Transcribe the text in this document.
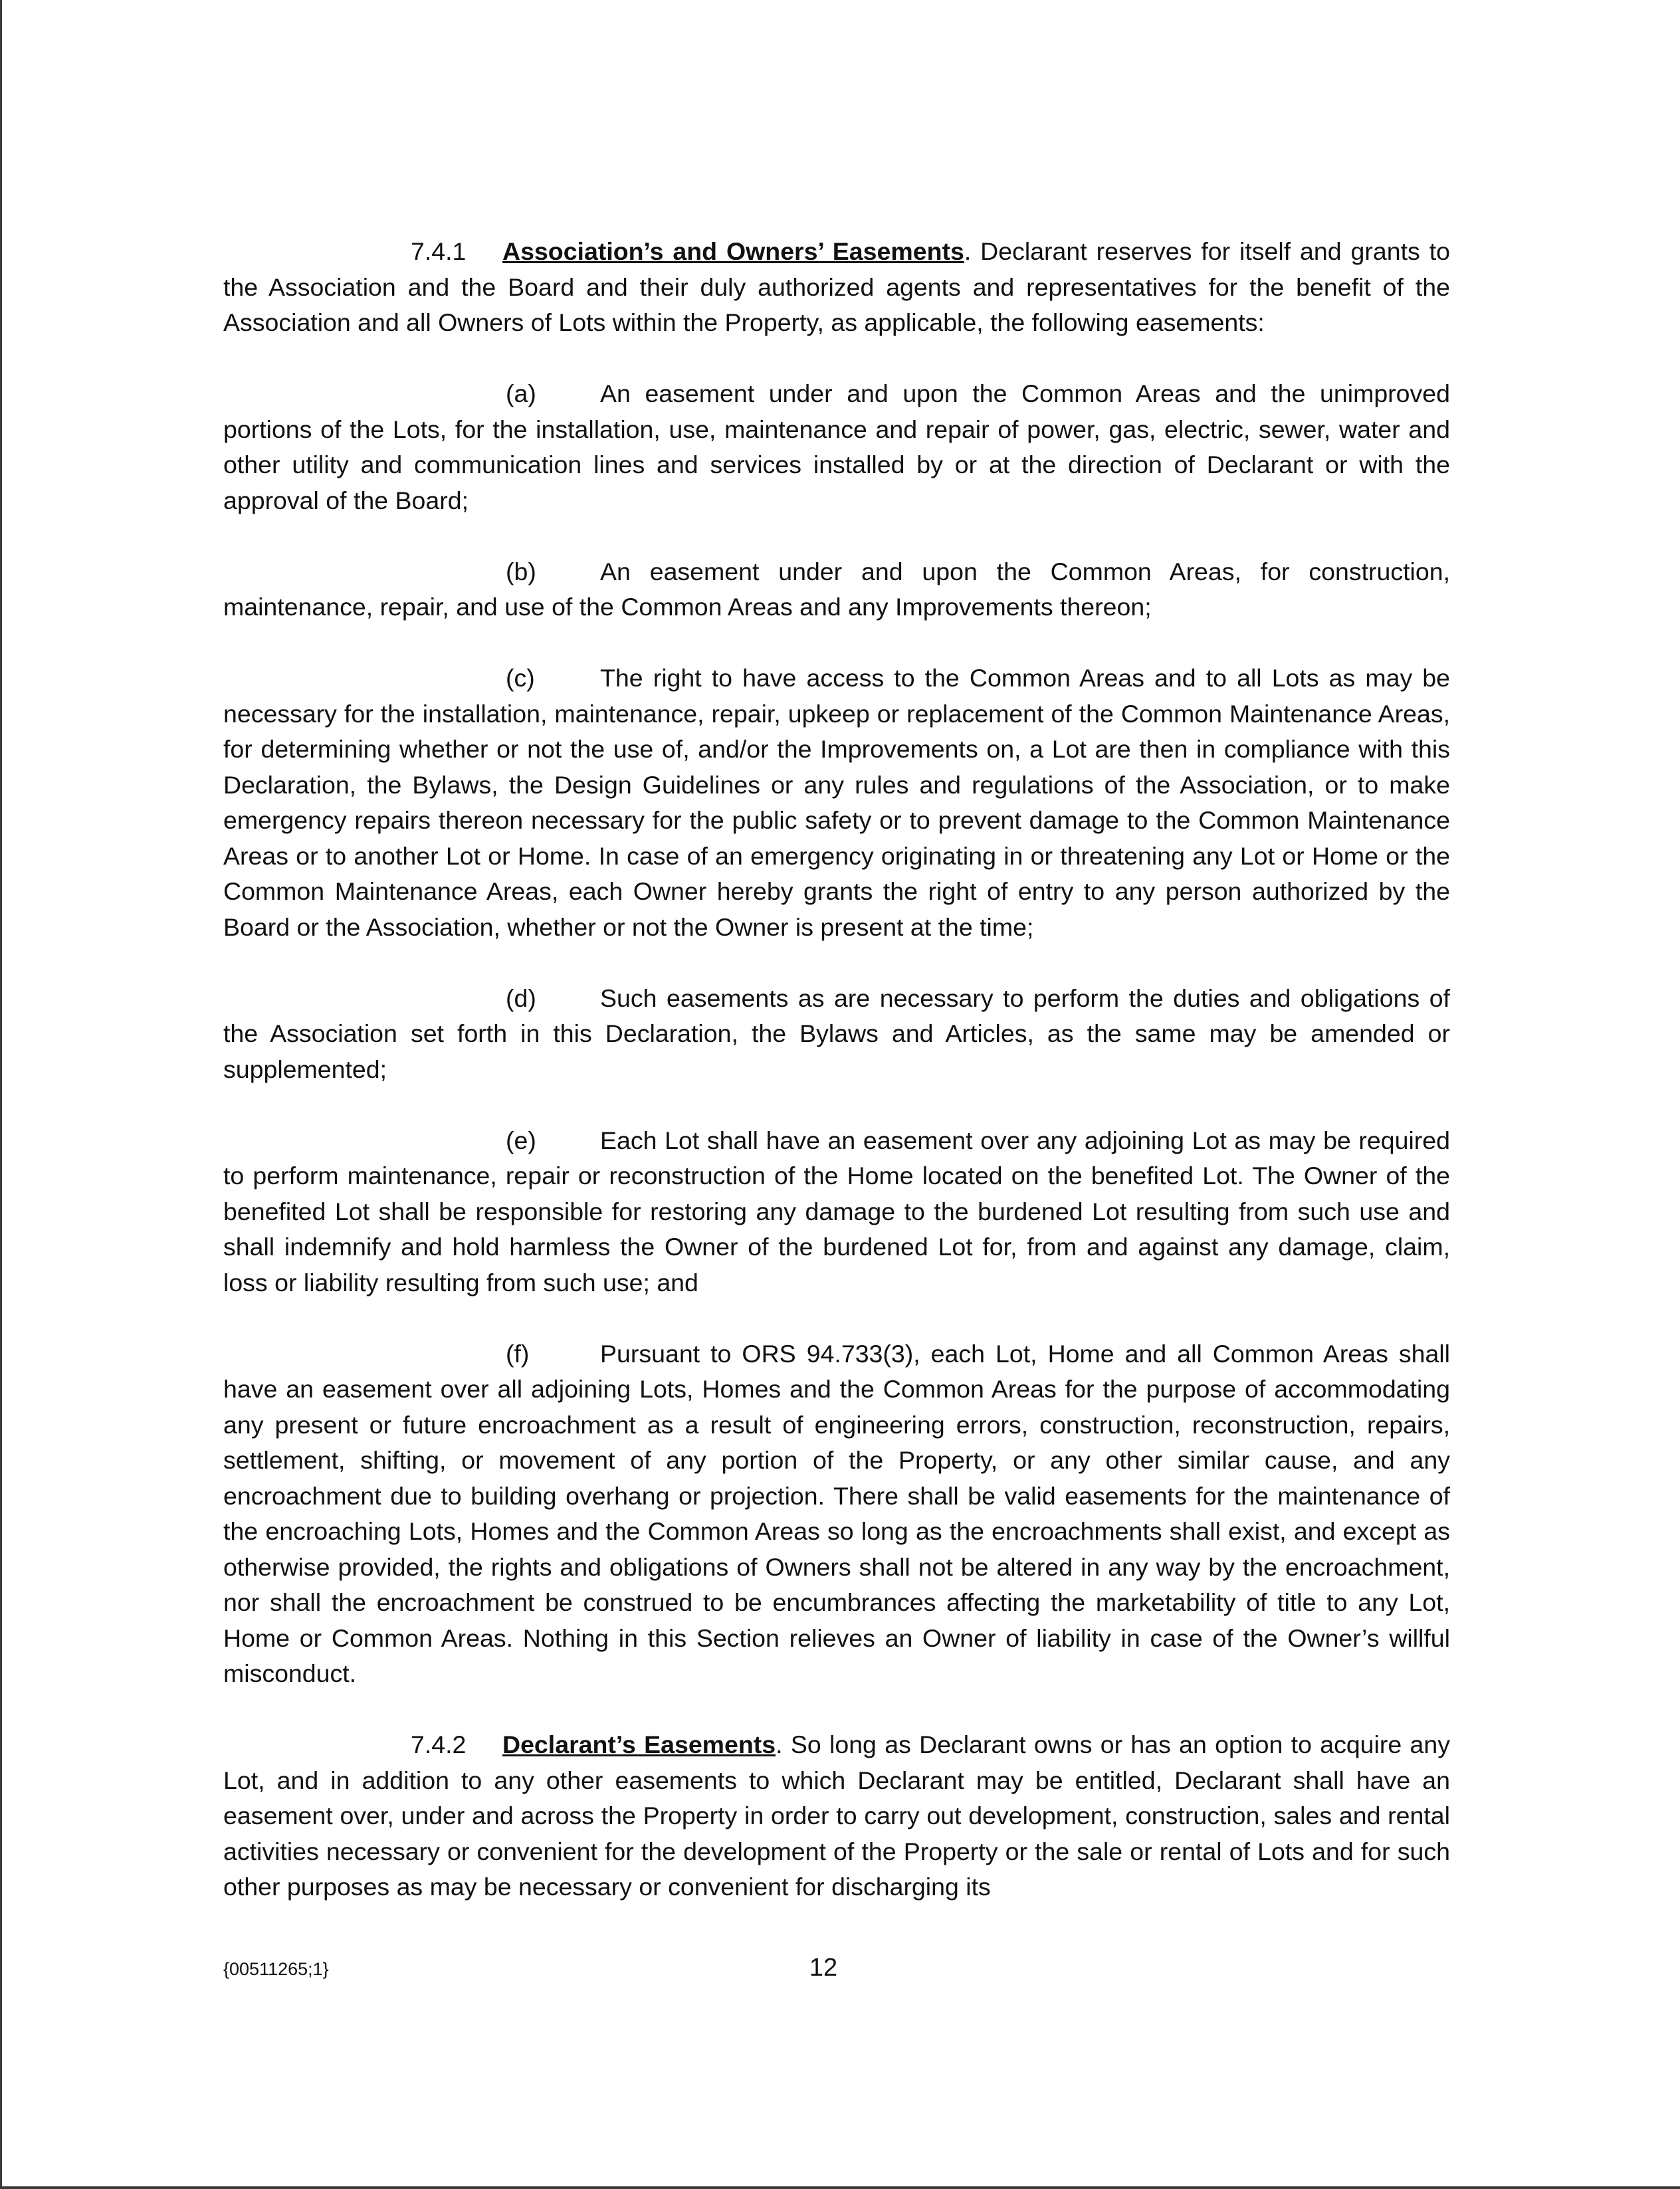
7.4.1 Association’s and Owners’ Easements. Declarant reserves for itself and grants to the Association and the Board and their duly authorized agents and representatives for the benefit of the Association and all Owners of Lots within the Property, as applicable, the following easements:

(a)	An easement under and upon the Common Areas and the unimproved portions of the Lots, for the installation, use, maintenance and repair of power, gas, electric, sewer, water and other utility and communication lines and services installed by or at the direction of Declarant or with the approval of the Board;

(b)	An easement under and upon the Common Areas, for construction, maintenance, repair, and use of the Common Areas and any Improvements thereon;

(c)	The right to have access to the Common Areas and to all Lots as may be necessary for the installation, maintenance, repair, upkeep or replacement of the Common Maintenance Areas, for determining whether or not the use of, and/or the Improvements on, a Lot are then in compliance with this Declaration, the Bylaws, the Design Guidelines or any rules and regulations of the Association, or to make emergency repairs thereon necessary for the public safety or to prevent damage to the Common Maintenance Areas or to another Lot or Home. In case of an emergency originating in or threatening any Lot or Home or the Common Maintenance Areas, each Owner hereby grants the right of entry to any person authorized by the Board or the Association, whether or not the Owner is present at the time;

(d)	Such easements as are necessary to perform the duties and obligations of the Association set forth in this Declaration, the Bylaws and Articles, as the same may be amended or supplemented;

(e)	Each Lot shall have an easement over any adjoining Lot as may be required to perform maintenance, repair or reconstruction of the Home located on the benefited Lot. The Owner of the benefited Lot shall be responsible for restoring any damage to the burdened Lot resulting from such use and shall indemnify and hold harmless the Owner of the burdened Lot for, from and against any damage, claim, loss or liability resulting from such use; and

(f)	Pursuant to ORS 94.733(3), each Lot, Home and all Common Areas shall have an easement over all adjoining Lots, Homes and the Common Areas for the purpose of accommodating any present or future encroachment as a result of engineering errors, construction, reconstruction, repairs, settlement, shifting, or movement of any portion of the Property, or any other similar cause, and any encroachment due to building overhang or projection. There shall be valid easements for the maintenance of the encroaching Lots, Homes and the Common Areas so long as the encroachments shall exist, and except as otherwise provided, the rights and obligations of Owners shall not be altered in any way by the encroachment, nor shall the encroachment be construed to be encumbrances affecting the marketability of title to any Lot, Home or Common Areas. Nothing in this Section relieves an Owner of liability in case of the Owner’s willful misconduct.

7.4.2 Declarant’s Easements. So long as Declarant owns or has an option to acquire any Lot, and in addition to any other easements to which Declarant may be entitled, Declarant shall have an easement over, under and across the Property in order to carry out development, construction, sales and rental activities necessary or convenient for the development of the Property or the sale or rental of Lots and for such other purposes as may be necessary or convenient for discharging its

{00511265;1}	12
